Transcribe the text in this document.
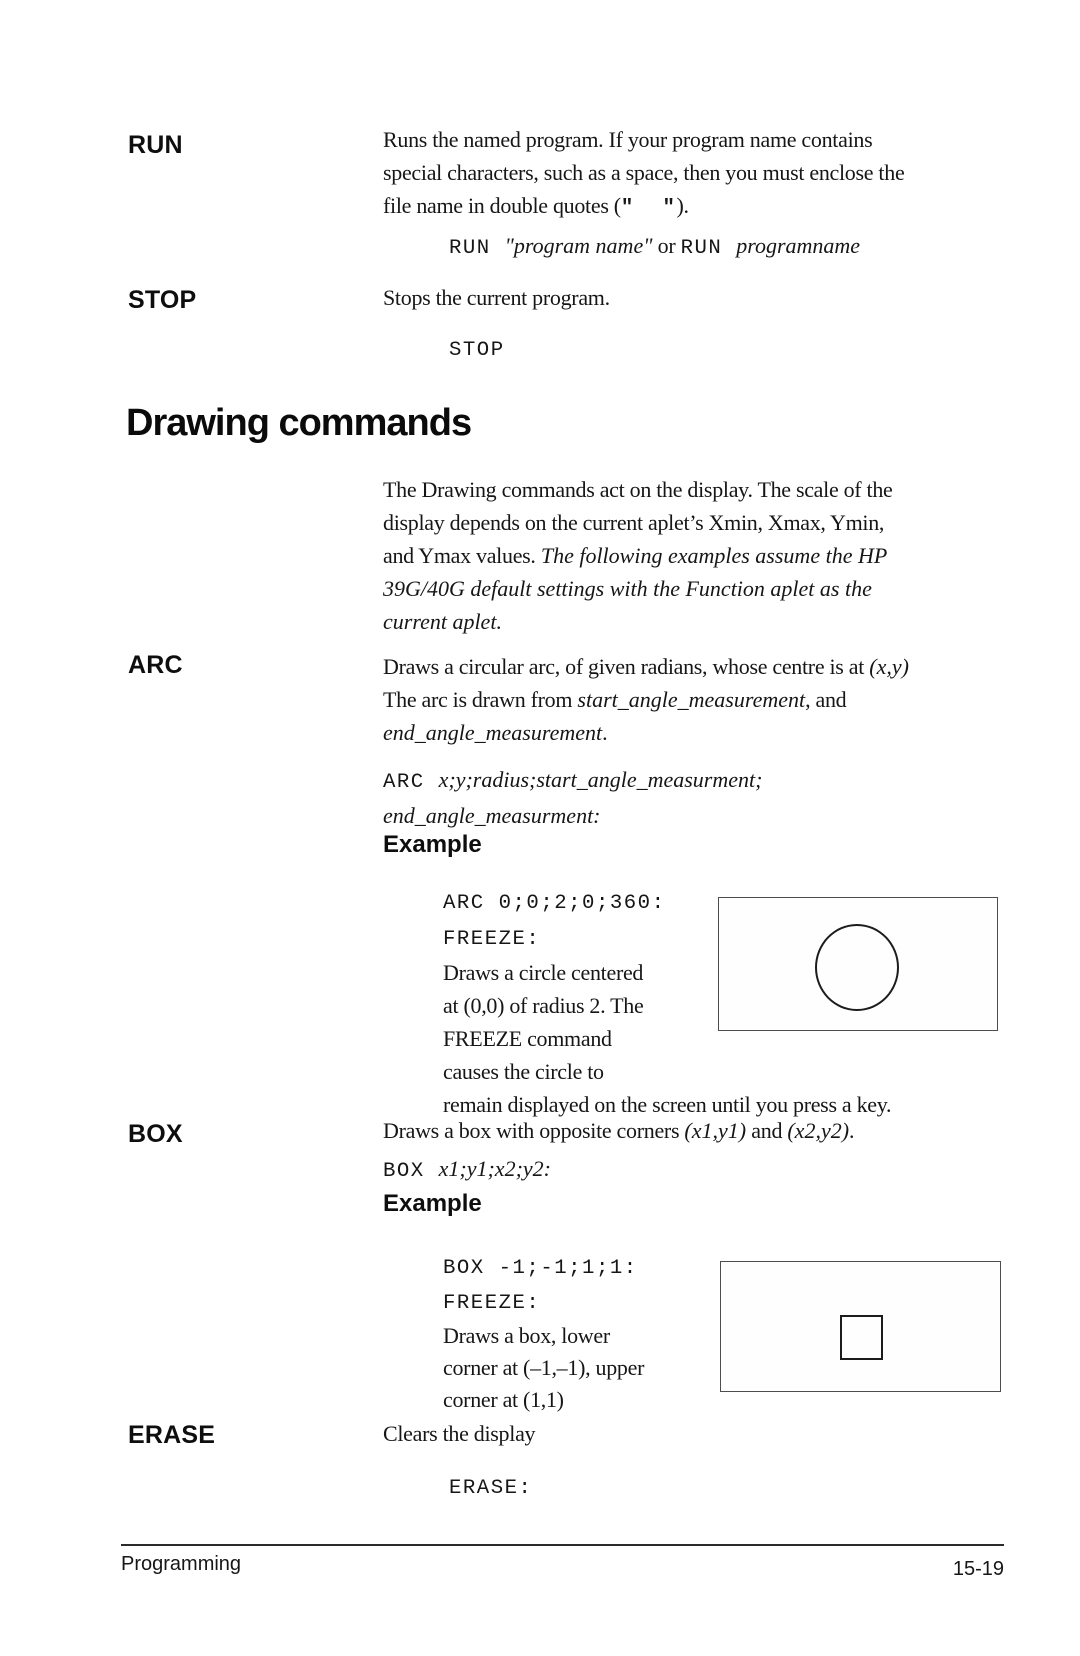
RUN	Runs the named program. If your program name contains
special characters, such as a space, then you must enclose the
file name in double quotes ("  ").
RUN "program name" or RUN programname
STOP	Stops the current program.
STOP
Drawing commands
The Drawing commands act on the display. The scale of the
display depends on the current aplet’s Xmin, Xmax, Ymin,
and Ymax values. The following examples assume the HP
39G/40G default settings with the Function aplet as the
current aplet.
ARC	Draws a circular arc, of given radians, whose centre is at (x,y)
The arc is drawn from start_angle_measurement, and
end_angle_measurement.
ARC x;y;radius;start_angle_measurment;
end_angle_measurment:
Example
ARC 0;0;2;0;360:
FREEZE:
Draws a circle centered
at (0,0) of radius 2. The
FREEZE command
causes the circle to
remain displayed on the screen until you press a key.
BOX	Draws a box with opposite corners (x1,y1) and (x2,y2).
BOX x1;y1;x2;y2:
Example
BOX -1;-1;1;1:
FREEZE:
Draws a box, lower
corner at (–1,–1), upper
corner at (1,1)
ERASE	Clears the display
ERASE:
Programming	15-19
